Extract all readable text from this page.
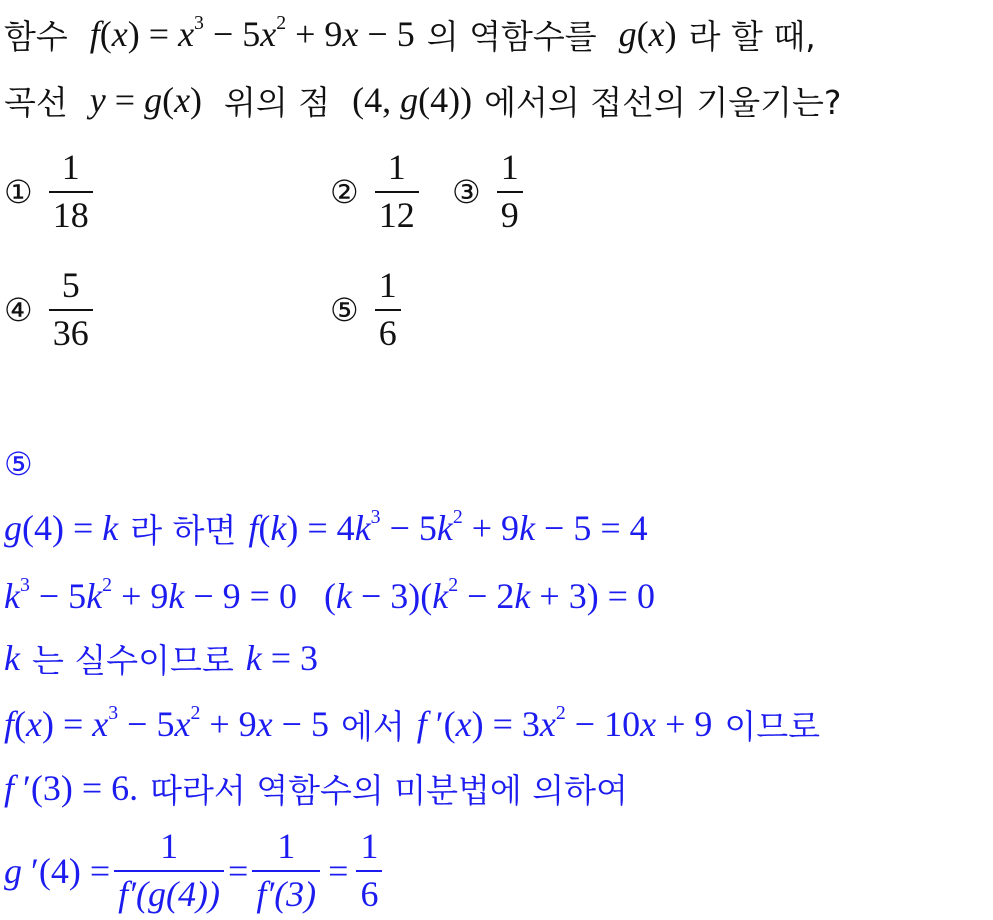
함수 $f(x) = x^3 - 5x^2 + 9x - 5$ 의 역함수를 g(x) 라 할 때,
곡선 y = g(x) 위의 점 (4, g(4)) 에서의 접선의 기울기는?
① $\frac{1}{18}$	② $\frac{1}{12}$ ③ $\frac{1}{9}$
④ $\frac{5}{36}$	⑤ $\frac{1}{6}$
⑤
g(4) = k 라 하면 $f(k) = 4k^3 - 5k^2 + 9k - 5 = 4$
$k^3 - 5k^2 + 9k - 9 = 0$   $(k - 3)(k^2 - 2k + 3) = 0$
k 는 실수이므로 k = 3
$f(x) = x^3 - 5x^2 + 9x - 5$ 에서 f $'(x) = 3x^2 - 10x + 9$ 이므로
f ′(3) = 6. 따라서 역함수의 미분법에 의하여
g $'(4) = \frac{1}{f'(g(4))} = \frac{1}{f'(3)} = \frac{1}{6}$
